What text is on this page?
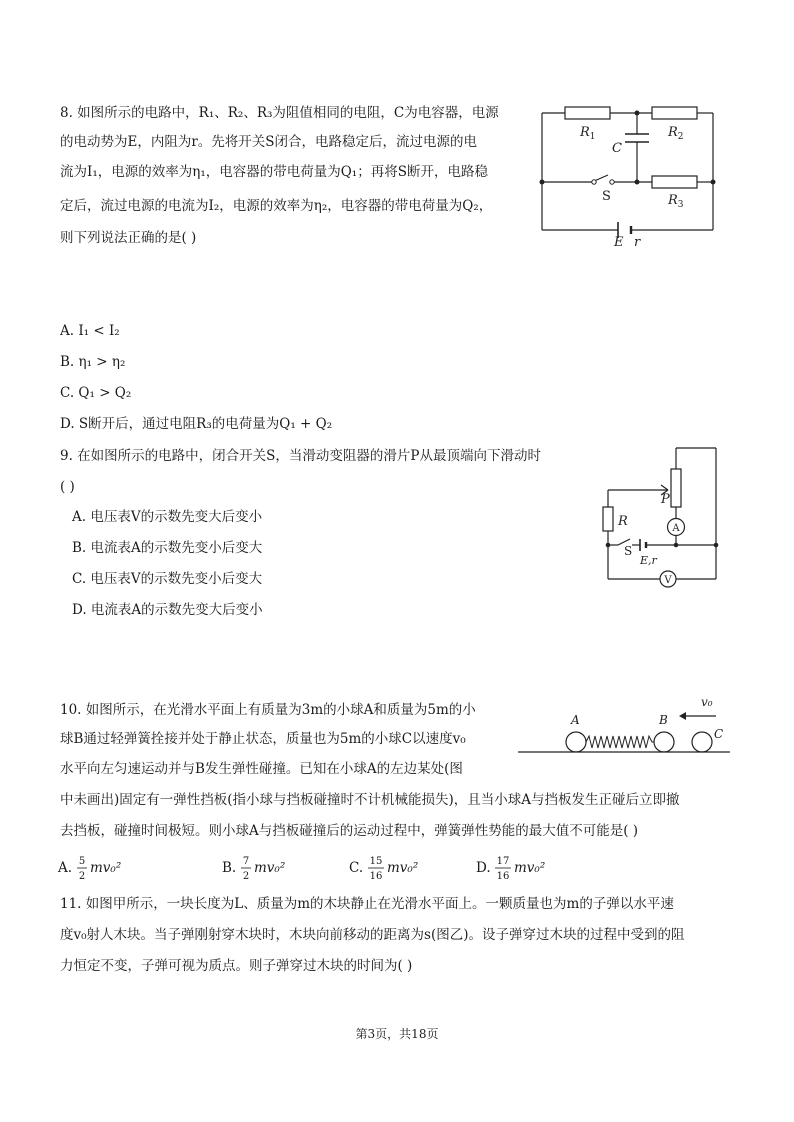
8. 如图所示的电路中，R₁、R₂、R₃为阻值相同的电阻，C为电容器，电源

的电动势为E，内阻为r。先将开关S闭合，电路稳定后，流过电源的电

流为I₁，电源的效率为η₁，电容器的带电荷量为Q₁；再将S断开，电路稳

定后，流过电源的电流为I₂，电源的效率为η₂，电容器的带电荷量为Q₂，

则下列说法正确的是( )

A. I₁ < I₂

B. η₁ > η₂

C. Q₁ > Q₂

D. S断开后，通过电阻R₃的电荷量为Q₁ + Q₂

$R_1$	$R_2$
$R_3$
C
E r
S

9. 在如图所示的电路中，闭合开关S，当滑动变阻器的滑片P从最顶端向下滑动时

( )

A. 电压表V的示数先变大后变小

B. 电流表A的示数先变小后变大

C. 电压表V的示数先变小后变大

D. 电流表A的示数先变大后变小

P
R	A
S
E,r
V

10. 如图所示，在光滑水平面上有质量为3m的小球A和质量为5m的小

球B通过轻弹簧拴接并处于静止状态，质量也为5m的小球C以速度v₀

水平向左匀速运动并与B发生弹性碰撞。已知在小球A的左边某处(图

中未画出)固定有一弹性挡板(指小球与挡板碰撞时不计机械能损失)，且当小球A与挡板发生正碰后立即撤

去挡板，碰撞时间极短。则小球A与挡板碰撞后的运动过程中，弹簧弹性势能的最大值不可能是( )

A. 5
2
mv₀²	B. 7
2
mv₀²	C. 15
16
mv₀²	D. 17
16
mv₀²
A	B
C
v₀

11. 如图甲所示，一块长度为L、质量为m的木块静止在光滑水平面上。一颗质量也为m的子弹以水平速

度v₀射人木块。当子弹刚射穿木块时，木块向前移动的距离为s(图乙)。设子弹穿过木块的过程中受到的阻

力恒定不变，子弹可视为质点。则子弹穿过木块的时间为( )

第3页，共18页
